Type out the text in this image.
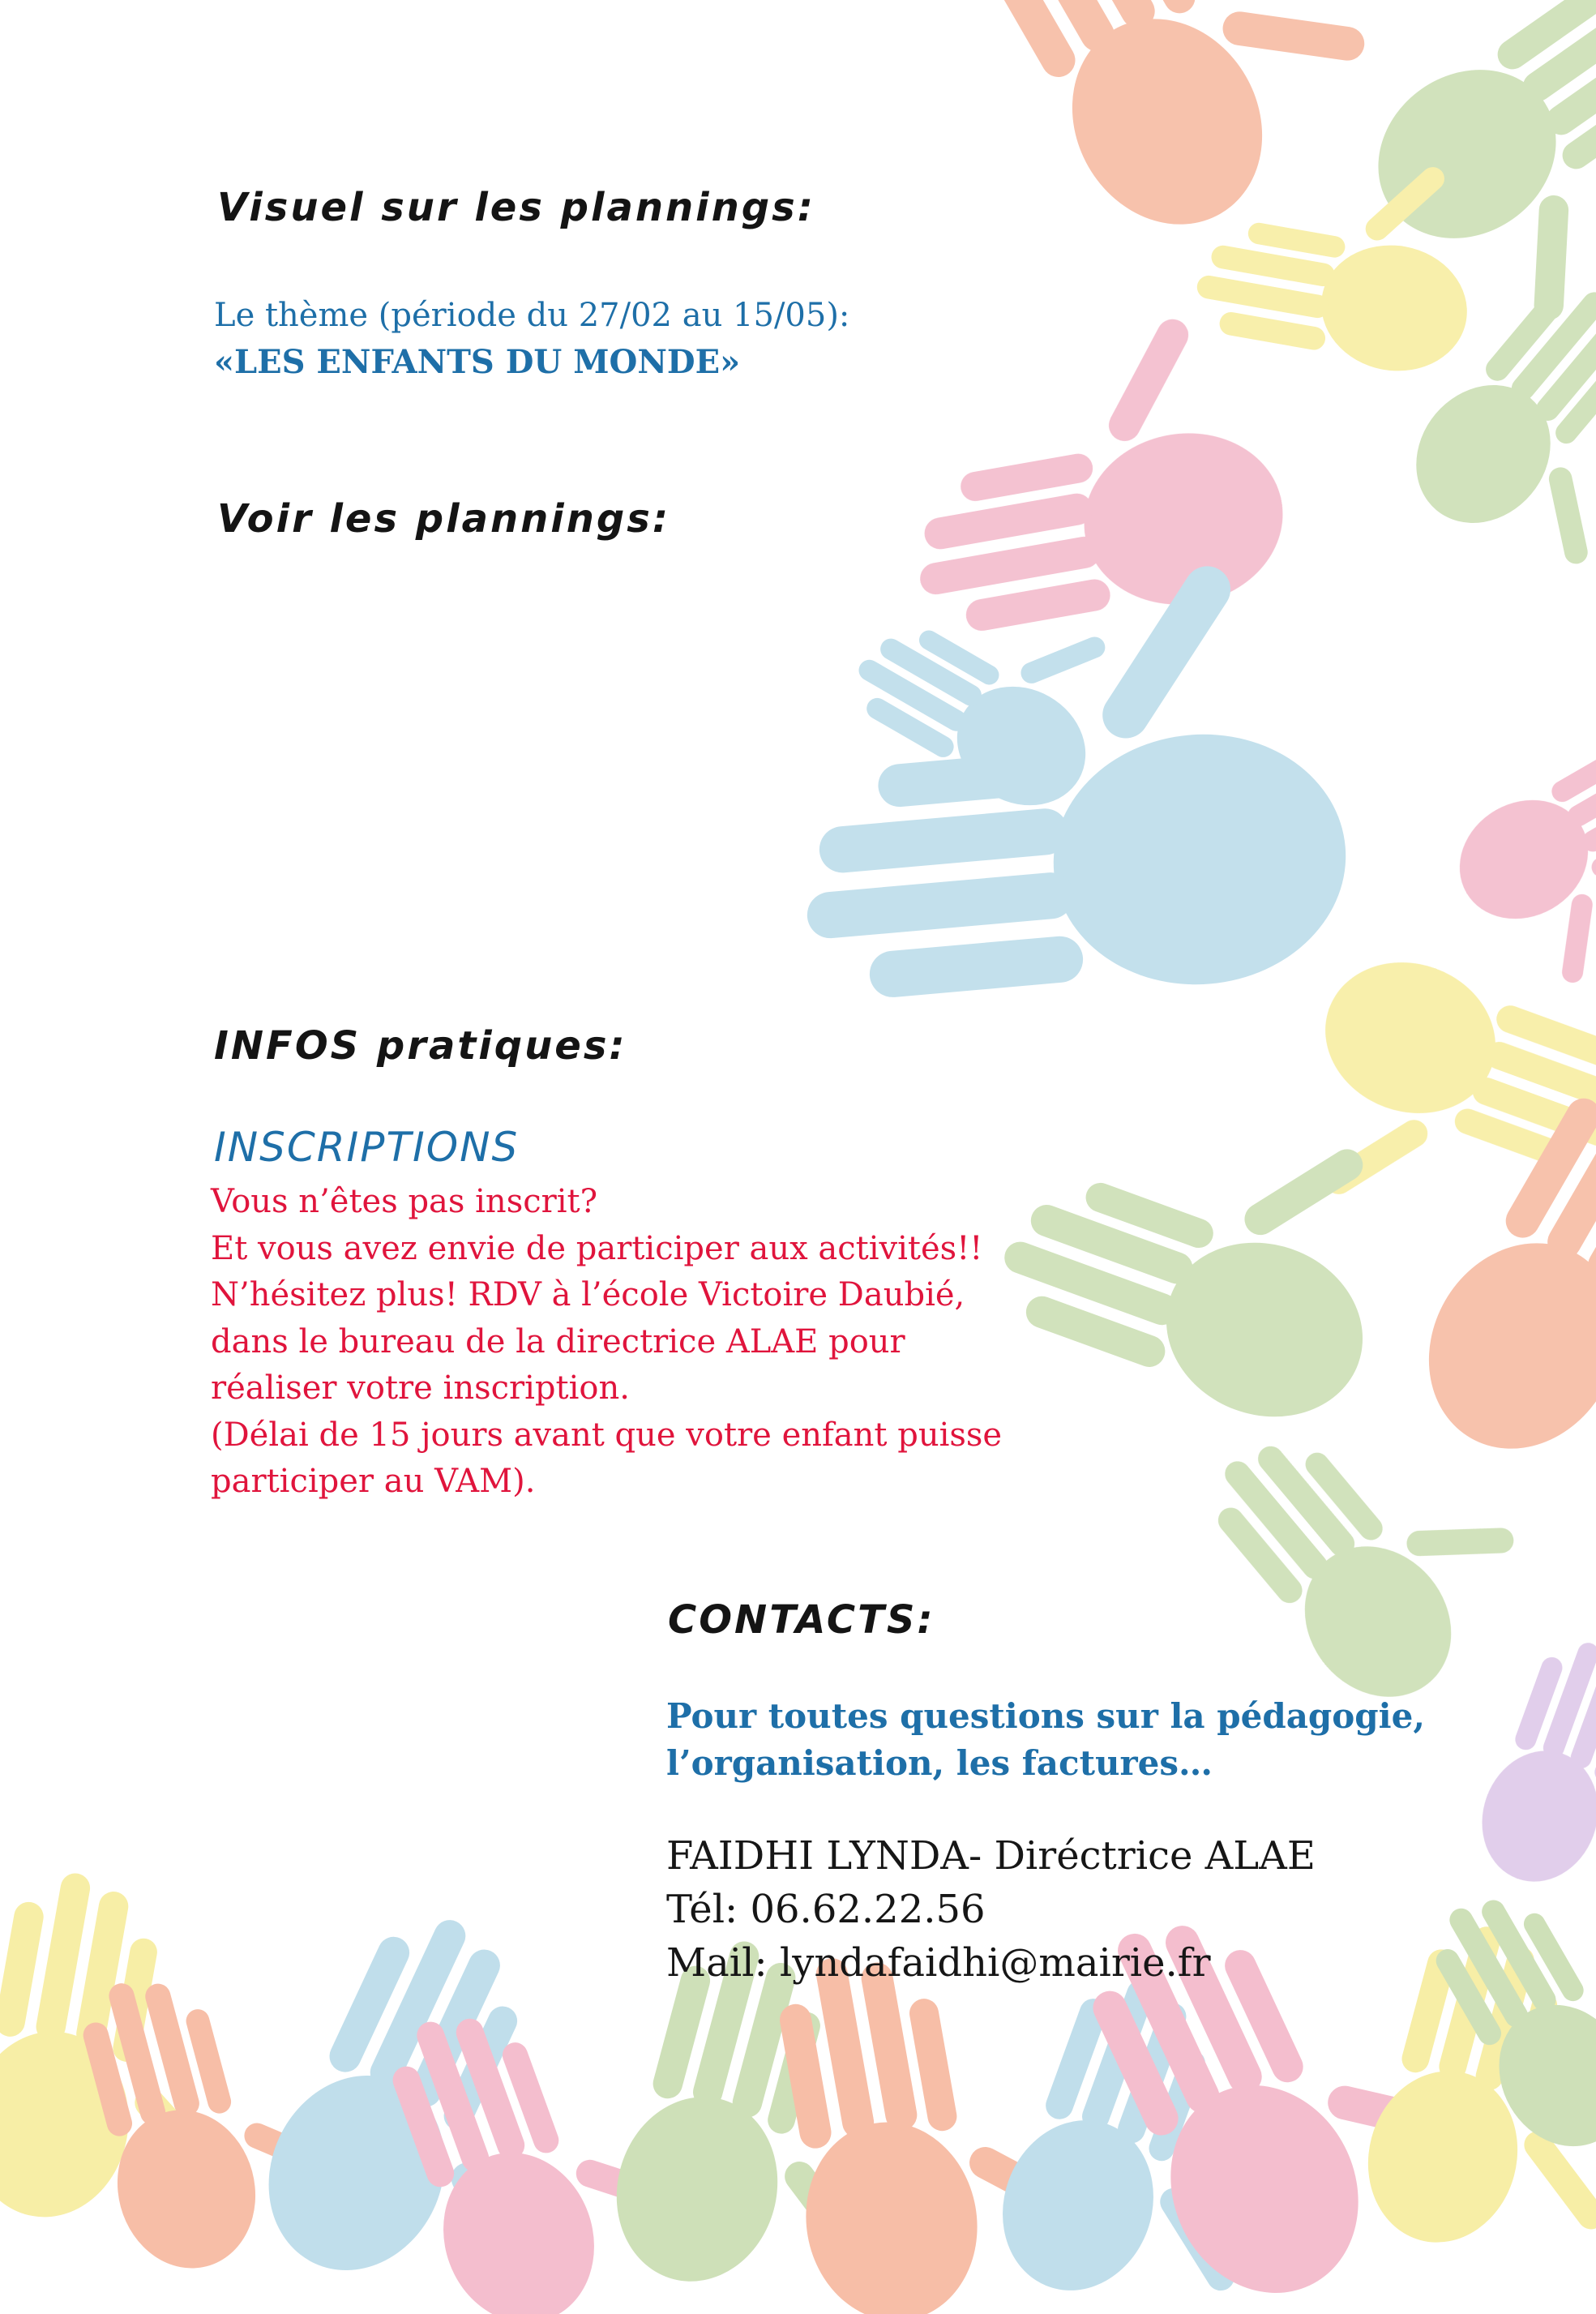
Visuel sur les plannings:
Le thème (période du 27/02 au 15/05):
«LES ENFANTS DU MONDE»
Voir les plannings:
INFOS pratiques:
INSCRIPTIONS
Vous n’êtes pas inscrit?
Et vous avez envie de participer aux activités!!
N’hésitez plus! RDV à l’école Victoire Daubié,
dans le bureau de la directrice ALAE pour
réaliser votre inscription.
(Délai de 15 jours avant que votre enfant puisse
participer au VAM).
CONTACTS:
Pour toutes questions sur la pédagogie,
l’organisation, les factures…
FAIDHI LYNDA- Diréctrice ALAE
Tél: 06.62.22.56
Mail: lyndafaidhi@mairie.fr
